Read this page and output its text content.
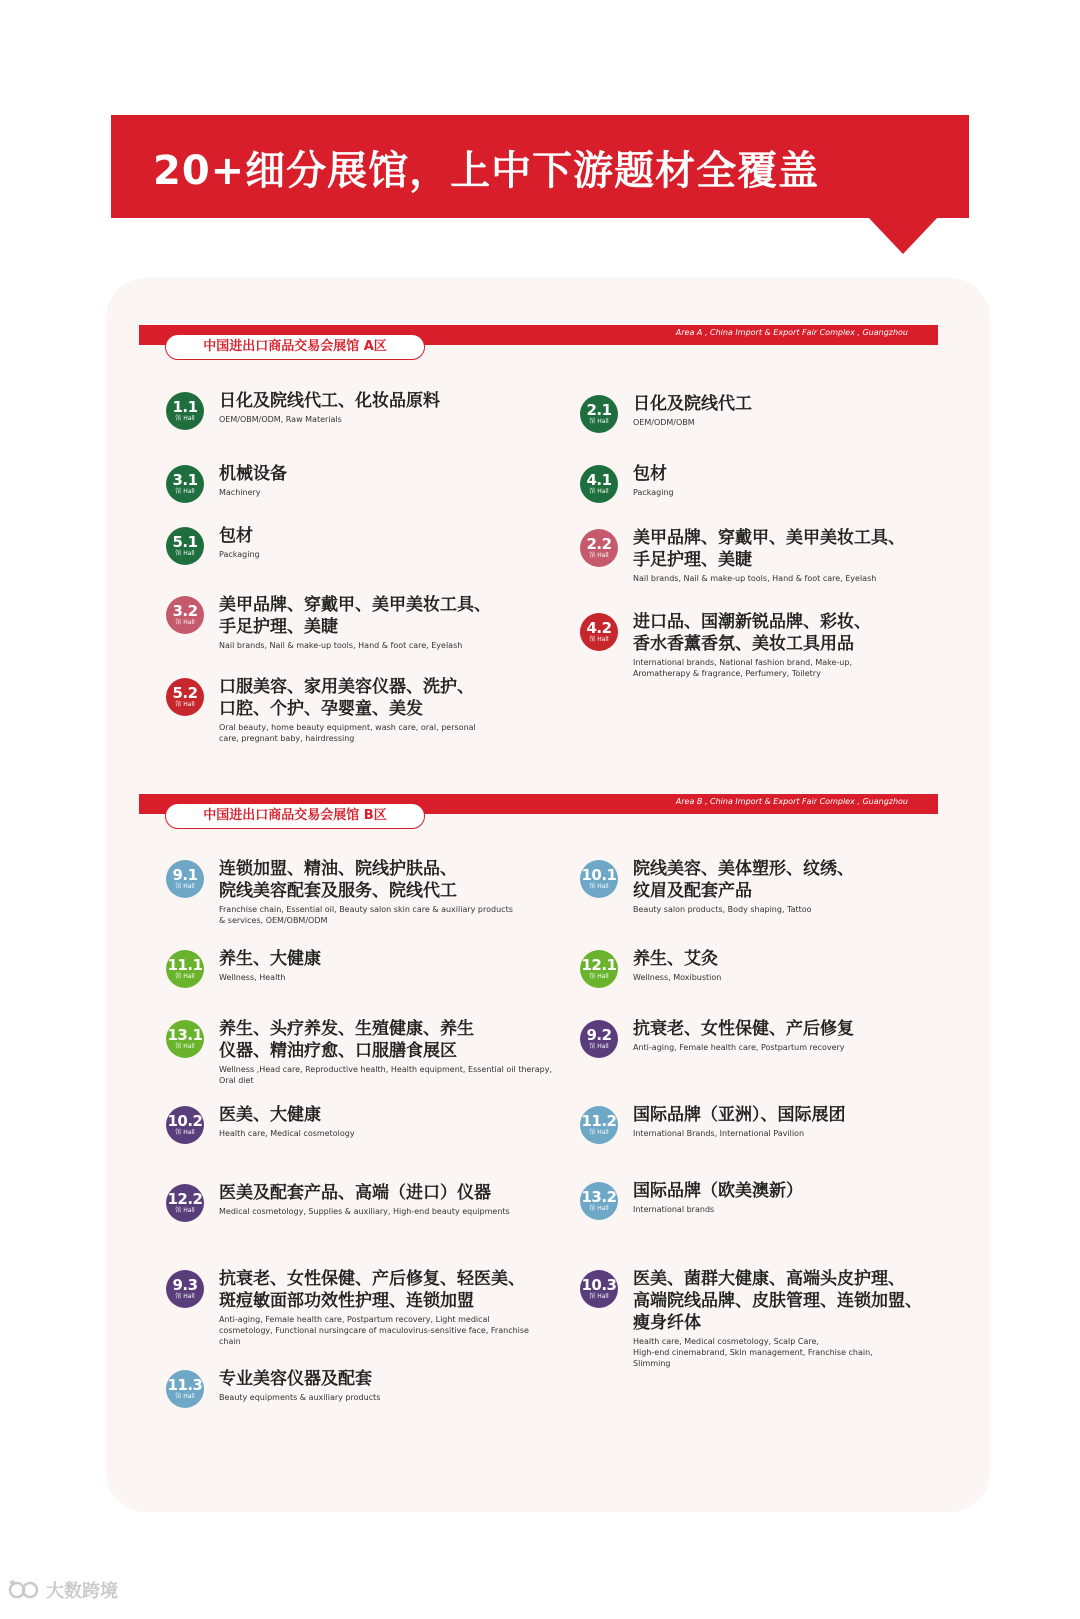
20+细分展馆，上中下游题材全覆盖
Area A , China Import & Export Fair Complex , Guangzhou
中国进出口商品交易会展馆 A区
Area B , China Import & Export Fair Complex , Guangzhou
中国进出口商品交易会展馆 B区
1.1
馆 Hall
日化及院线代工、化妆品原料
OEM/OBM/ODM, Raw Materials
2.1
馆 Hall
日化及院线代工
OEM/ODM/OBM
3.1
馆 Hall
机械设备
Machinery
4.1
馆 Hall
包材
Packaging
5.1
馆 Hall
包材
Packaging
2.2
馆 Hall
美甲品牌、穿戴甲、美甲美妆工具、
手足护理、美睫
Nail brands, Nail & make-up tools, Hand & foot care, Eyelash
3.2
馆 Hall
美甲品牌、穿戴甲、美甲美妆工具、
手足护理、美睫
Nail brands, Nail & make-up tools, Hand & foot care, Eyelash
4.2
馆 Hall
进口品、国潮新锐品牌、彩妆、
香水香薰香氛、美妆工具用品
International brands, National fashion brand, Make-up,
Aromatherapy & fragrance, Perfumery, Toiletry
5.2
馆 Hall
口服美容、家用美容仪器、洗护、
口腔、个护、孕婴童、美发
Oral beauty, home beauty equipment, wash care, oral, personal
care, pregnant baby, hairdressing
9.1
馆 Hall
连锁加盟、精油、院线护肤品、
院线美容配套及服务、院线代工
Franchise chain, Essential oil, Beauty salon skin care & auxiliary products
& services, OEM/OBM/ODM
10.1
馆 Hall
院线美容、美体塑形、纹绣、
纹眉及配套产品
Beauty salon products, Body shaping, Tattoo
11.1
馆 Hall
养生、大健康
Wellness, Health
12.1
馆 Hall
养生、艾灸
Wellness, Moxibustion
13.1
馆 Hall
养生、头疗养发、生殖健康、养生
仪器、精油疗愈、口服膳食展区
Wellness ,Head care, Reproductive health, Health equipment, Essential oil therapy,
Oral diet
9.2
馆 Hall
抗衰老、女性保健、产后修复
Anti-aging, Female health care, Postpartum recovery
10.2
馆 Hall
医美、大健康
Health care, Medical cosmetology
11.2
馆 Hall
国际品牌（亚洲）、国际展团
International Brands, International Pavilion
12.2
馆 Hall
医美及配套产品、高端（进口）仪器
Medical cosmetology, Supplies & auxiliary, High-end beauty equipments
13.2
馆 Hall
国际品牌（欧美澳新）
International brands
9.3
馆 Hall
抗衰老、女性保健、产后修复、轻医美、
斑痘敏面部功效性护理、连锁加盟
Anti-aging, Female health care, Postpartum recovery, Light medical
cosmetology, Functional nursingcare of maculovirus-sensitive face, Franchise
chain
10.3
馆 Hall
医美、菌群大健康、高端头皮护理、
高端院线品牌、皮肤管理、连锁加盟、
瘦身纤体
Health care, Medical cosmetology, Scalp Care,
High-end cinemabrand, Skin management, Franchise chain,
Slimming
11.3
馆 Hall
专业美容仪器及配套
Beauty equipments & auxiliary products
大数跨境
